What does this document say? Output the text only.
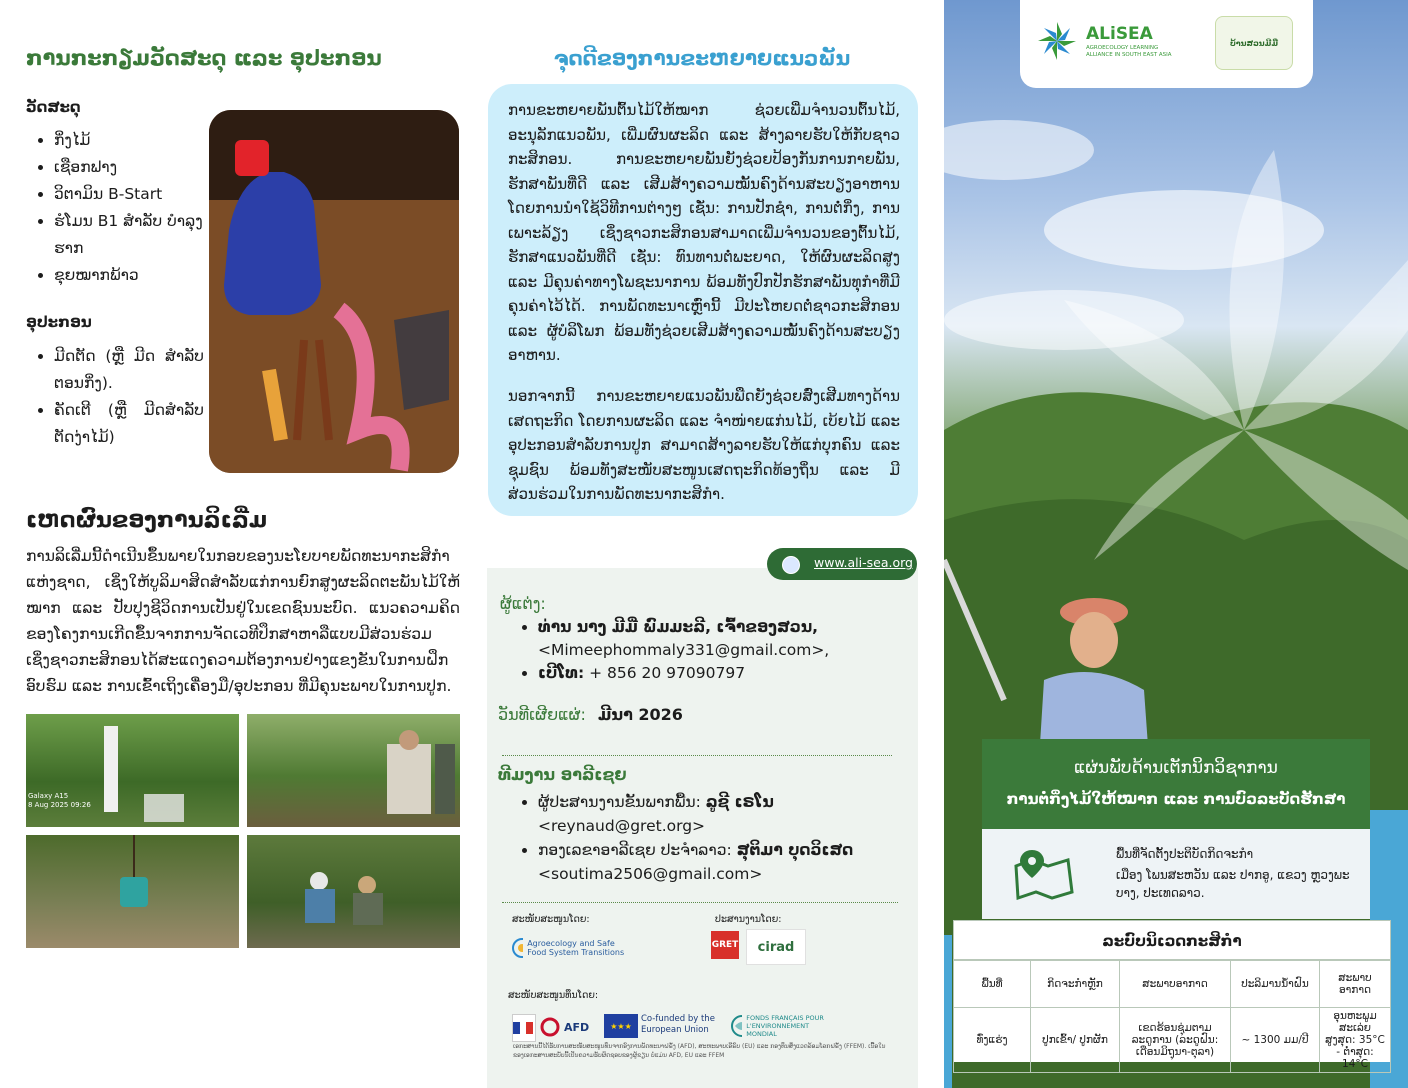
ການກະກຽມວັດສະດຸ ແລະ ອຸປະກອນ
ວັດສະດຸ
• ກິ່ງໄມ້
• ເຊືອກຟາງ
• ວິຕາມິນ B-Start
• ຮໍໂມນ B1 ສໍາລັບ ບໍາລຸງຮາກ
• ຂຸຍໝາກພ້າວ
ອຸປະກອນ
• ມີດຕັດ (ຫຼື ມີດ ສໍາລັບຕອນກິ່ງ).
• ຄັດເຕີ (ຫຼື ມີດສໍາລັບ ຕັດງ່າໄມ້)
ເຫດຜົນຂອງການລິເລີ່ມ
ການລິເລີ່ມນີ້ດໍາເນີນຂຶ້ນພາຍໃນກອບຂອງນະໂຍບາຍພັດທະນາກະສິກໍາແຫ່ງຊາດ, ເຊິ່ງໃຫ້ບູລິມາສິດສໍາລັບແກ່ການຍົກສູງຜະລິດຕະພັນໄມ້ໃຫ້ໝາກ ແລະ ປັບປຸງຊີວິດການເປັນຢູ່ໃນເຂດຊົນນະບົດ. ແນວຄວາມຄິດຂອງໂຄງການເກີດຂຶ້ນຈາກການຈັດເວທີປຶກສາຫາລືແບບມີສ່ວນຮ່ວມ ເຊິ່ງຊາວກະສິກອນໄດ້ສະແດງຄວາມຕ້ອງການຢ່າງແຂງຂັນໃນການຝຶກອົບຮົມ ແລະ ການເຂົ້າເຖິງເຄື່ອງມື/ອຸປະກອນ ທີ່ມີຄຸນະພາບໃນການປູກ.
Galaxy A15
8 Aug 2025 09:26
ຈຸດດີຂອງການຂະຫຍາຍແນວພັນ

ການຂະຫຍາຍພັນຕົ້ນໄມ້ໃຫ້ໝາກ ຊ່ວຍເພີ່ມຈໍານວນຕົ້ນໄມ້, ອະນຸລັກແນວພັນ, ເພີ່ມຜົນຜະລິດ ແລະ ສ້າງລາຍຮັບໃຫ້ກັບຊາວກະສິກອນ. ການຂະຫຍາຍພັນຍັງຊ່ວຍປ້ອງກັນການກາຍພັນ, ຮັກສາພັນທີ່ດີ ແລະ ເສີມສ້າງຄວາມໝັ້ນຄົງດ້ານສະບຽງອາຫານ ໂດຍການນໍາໃຊ້ວິທີການຕ່າງໆ ເຊັ່ນ: ການປັກຊໍາ, ການຕໍ່ກິ່ງ, ການເພາະລ້ຽງ ເຊິ່ງຊາວກະສິກອນສາມາດເພີ່ມຈໍານວນຂອງຕົ້ນໄມ້, ຮັກສາແນວພັນທີ່ດີ ເຊັ່ນ: ທົນທານຕໍ່ພະຍາດ, ໃຫ້ຜົນຜະລິດສູງ ແລະ ມີຄຸນຄ່າທາງໂພຊະນາການ ພ້ອມທັງປົກປັກຮັກສາພັນທຸກໍາທີ່ມີຄຸນຄ່າໄວ້ໄດ້. ການພັດທະນາເຫຼົ່ານີ້ ມີປະໂຫຍດຕໍ່ຊາວກະສິກອນ ແລະ ຜູ້ບໍລິໂພກ ພ້ອມທັງຊ່ວຍເສີມສ້າງຄວາມໝັ້ນຄົງດ້ານສະບຽງອາຫານ.

ນອກຈາກນີ້ ການຂະຫຍາຍແນວພັນພືດຍັງຊ່ວຍສົ່ງເສີມທາງດ້ານເສດຖະກິດ ໂດຍການຜະລິດ ແລະ ຈໍາໜ່າຍແກ່ນໄມ້, ເບ້ຍໄມ້ ແລະ ອຸປະກອນສໍາລັບການປູກ ສາມາດສ້າງລາຍຮັບໃຫ້ແກ່ບຸກຄົນ ແລະ ຊຸມຊົນ ພ້ອມທັງສະໜັບສະໜູນເສດຖະກິດທ້ອງຖິ່ນ ແລະ ມີສ່ວນຮ່ວມໃນການພັດທະນາກະສິກໍາ.

www.ali-sea.org
ຜູ້ແຕ່ງ:
• ທ່ານ ນາງ ມີມີ່ ພົມມະລີ, ເຈົ້າຂອງສວນ,
<Mimeephommaly331@gmail.com>,
• ເບີໂທ: + 856 20 97090797
ວັນທີເຜີຍແຜ່: ມີນາ 2026
ທີມງານ ອາລີເຊຍ
• ຜູ້ປະສານງານຂັ້ນພາກພື້ນ: ລູຊີ ເຣໂນ
<reynaud@gret.org>
• ກອງເລຂາອາລີເຊຍ ປະຈໍາລາວ: ສຸຕິມາ ບຸດວິເສດ
<soutima2506@gmail.com>
ສະໜັບສະໜູນໂດຍ:	ປະສານງານໂດຍ:
Agroecology and Safe Food System Transitions
GRET cirad
ສະໜັບສະໜູນທຶນໂດຍ:
AFD	★★★
Co-funded by the European Union
FONDS FRANÇAIS POUR L'ENVIRONNEMENT MONDIAL
ເອກະສານນີ້ໄດ້ຮັບການສະໜັບສະໜູນທຶນຈາກອົງການພັດທະນາຝຣັ່ງ (AFD), ສະຫະພາບເອີຣົບ (EU) ແລະ ກອງທຶນສິ່ງແວດລ້ອມໂລກຝຣັ່ງ (FFEM). ເນື້ອໃນຂອງເອກະສານສະບັບນີ້ເປັນຄວາມຮັບຜິດຊອບຂອງຜູ້ຂຽນ ບໍ່ແມ່ນ AFD, EU ແລະ FFEM
ALiSEA
AGROECOLOGY LEARNING ALLIANCE IN SOUTH EAST ASIA
ບ້ານສວນມີມີ່
ແຜ່ນພັບດ້ານເຕັກນິກວິຊາການ
ການຕໍ່ກິ່ງໄມ້ໃຫ້ໝາກ ແລະ ການບົວລະບັດຮັກສາ
ພື້ນທີ່ຈັດຕັ້ງປະຕິບັດກິດຈະກໍາ
ເມືອງ ໂພນສະຫວັນ ແລະ ປາກອູ, ແຂວງ ຫຼວງພະບາງ, ປະເທດລາວ.
ລະບົບນິເວດກະສິກໍາ
ພື້ນທີ່	ກິດຈະກໍາຫຼັກ	ສະພາບອາກາດ	ປະລິມານນໍ້າຝົນ	ສະພາບອາກາດ
ທົ່ງແຮ່ງ	ປູກເຂົ້າ/ ປູກຜັກ	ເຂດຮ້ອນຊຸ່ມຕາມລະດູການ (ລະດູຝົນ: ເດືອນມິຖຸນາ-ຕຸລາ)	~ 1300 ມມ/ປີ	ອຸນຫະພູມສະເລ່ຍ ສູງສຸດ: 35°C - ຕໍ່າສຸດ: 14°C
